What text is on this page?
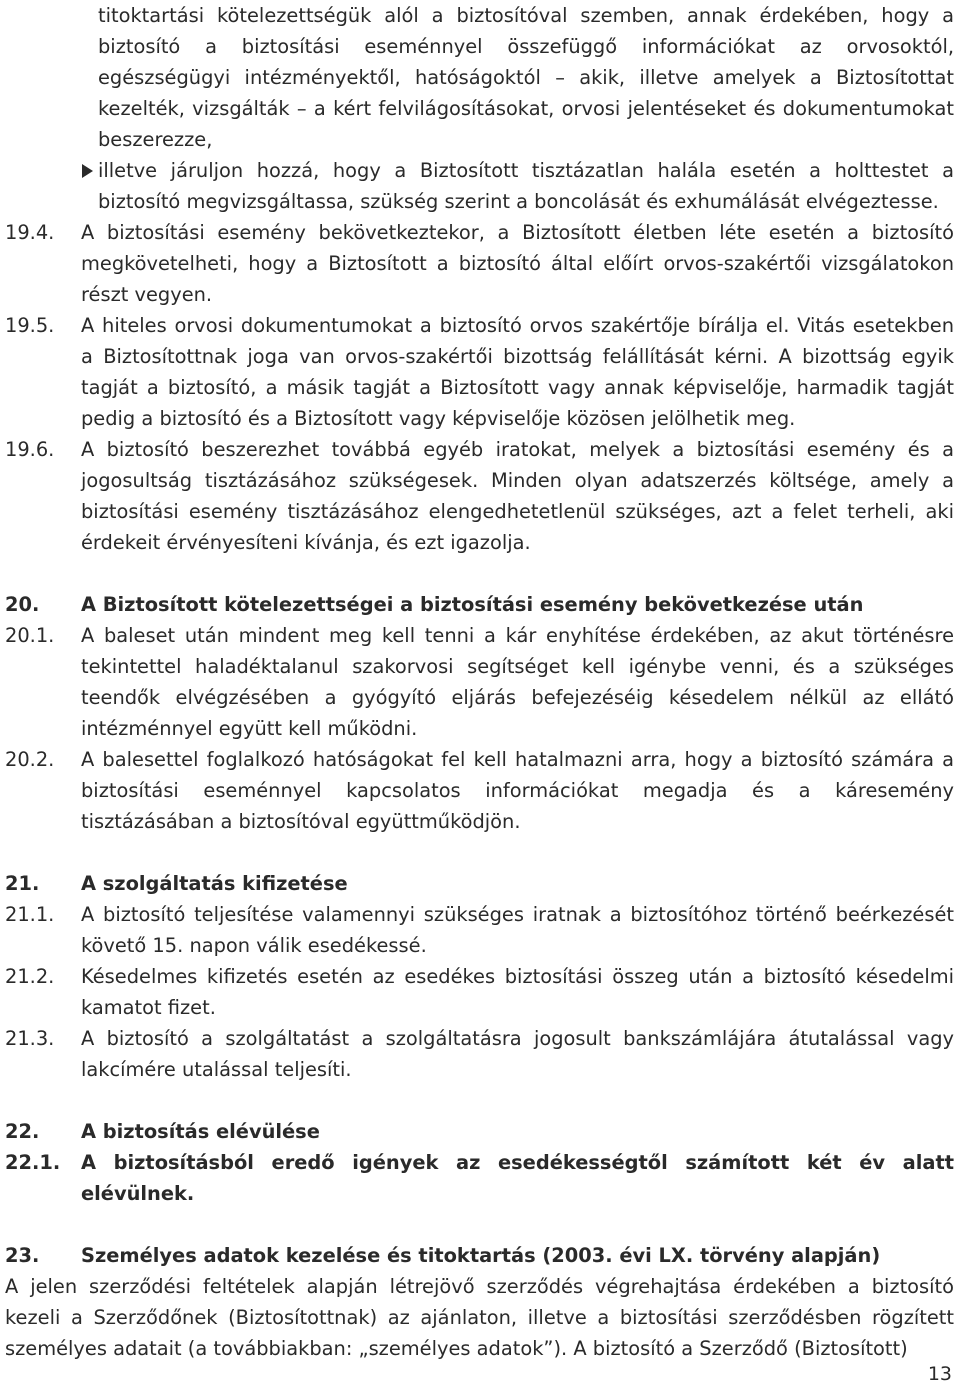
titoktartási kötelezettségük alól a biztosítóval szemben, annak érdekében, hogy a biztosító a biztosítási eseménnyel összefüggő információkat az orvosoktól, egészségügyi intézményektől, hatóságoktól – akik, illetve amelyek a Biztosítottat kezelték, vizsgálták – a kért felvilágosításokat, orvosi jelentéseket és dokumentumokat beszerezze,
illetve járuljon hozzá, hogy a Biztosított tisztázatlan halála esetén a holttestet a biztosító megvizsgáltassa, szükség szerint a boncolását és exhumálását elvégeztesse.
19.4.	A biztosítási esemény bekövetkeztekor, a Biztosított életben léte esetén a biztosító megkövetelheti, hogy a Biztosított a biztosító által előírt orvos-szakértői vizsgálatokon részt vegyen.
19.5.	A hiteles orvosi dokumentumokat a biztosító orvos szakértője bírálja el. Vitás esetekben a Biztosítottnak joga van orvos-szakértői bizottság felállítását kérni. A bizottság egyik tagját a biztosító, a másik tagját a Biztosított vagy annak képviselője, harmadik tagját pedig a biztosító és a Biztosított vagy képviselője közösen jelölhetik meg.
19.6.	A biztosító beszerezhet továbbá egyéb iratokat, melyek a biztosítási esemény és a jogosultság tisztázásához szükségesek. Minden olyan adatszerzés költsége, amely a biztosítási esemény tisztázásához elengedhetetlenül szükséges, azt a felet terheli, aki érdekeit érvényesíteni kívánja, és ezt igazolja.
20.	A Biztosított kötelezettségei a biztosítási esemény bekövetkezése után
20.1.	A baleset után mindent meg kell tenni a kár enyhítése érdekében, az akut történésre tekintettel haladéktalanul szakorvosi segítséget kell igénybe venni, és a szükséges teendők elvégzésében a gyógyító eljárás befejezéséig késedelem nélkül az ellátó intézménnyel együtt kell működni.
20.2.	A balesettel foglalkozó hatóságokat fel kell hatalmazni arra, hogy a biztosító számára a biztosítási eseménnyel kapcsolatos információkat megadja és a káresemény tisztázásában a biztosítóval együttműködjön.
21.	A szolgáltatás kifizetése
21.1.	A biztosító teljesítése valamennyi szükséges iratnak a biztosítóhoz történő beérkezését követő 15. napon válik esedékessé.
21.2.	Késedelmes kifizetés esetén az esedékes biztosítási összeg után a biztosító késedelmi kamatot fizet.
21.3.	A biztosító a szolgáltatást a szolgáltatásra jogosult bankszámlájára átutalással vagy lakcímére utalással teljesíti.
22.	A biztosítás elévülése
22.1.	A biztosításból eredő igények az esedékességtől számított két év alatt elévülnek.
23.	Személyes adatok kezelése és titoktartás (2003. évi LX. törvény alapján)
A jelen szerződési feltételek alapján létrejövő szerződés végrehajtása érdekében a biztosító kezeli a Szerződőnek (Biztosítottnak) az ajánlaton, illetve a biztosítási szerződésben rögzített személyes adatait (a továbbiakban: „személyes adatok”). A biztosító a Szerződő (Biztosított)
13
